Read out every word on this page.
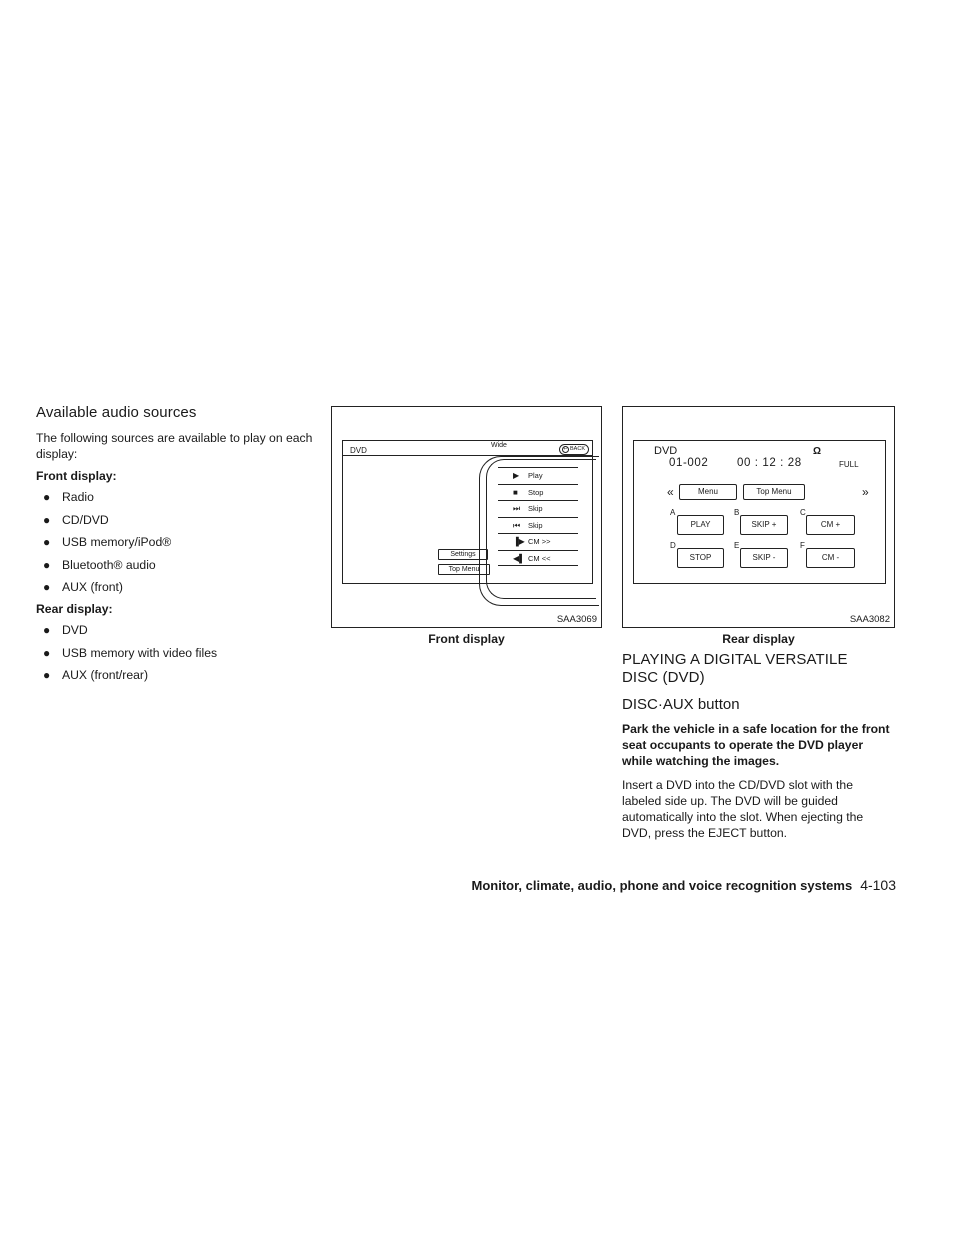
Available audio sources

The following sources are available to play on each display:

Front display:
● Radio
● CD/DVD
● USB memory/iPod®
● Bluetooth® audio
● AUX (front)
Rear display:
● DVD
● USB memory with video files
● AUX (front/rear)
DVD
Wide	↩ BACK
▶ Play
■ Stop
⏭ Skip
⏮ Skip
▐▶ CM >>
◀▌ CM <<
Settings
Top Menu
SAA3069
Front display
DVD
01-002 00 : 12 : 28
Ω
FULL
«	»
Menu	Top Menu
A
PLAY
B
SKIP +
C
CM +
D
STOP
E
SKIP -
F
CM -
SAA3082
Rear display
PLAYING A DIGITAL VERSATILE
DISC (DVD)
DISC·AUX button

Park the vehicle in a safe location for the front seat occupants to operate the DVD player while watching the images.

Insert a DVD into the CD/DVD slot with the labeled side up. The DVD will be guided automatically into the slot. When ejecting the DVD, press the EJECT button.

Monitor, climate, audio, phone and voice recognition systems 4-103
